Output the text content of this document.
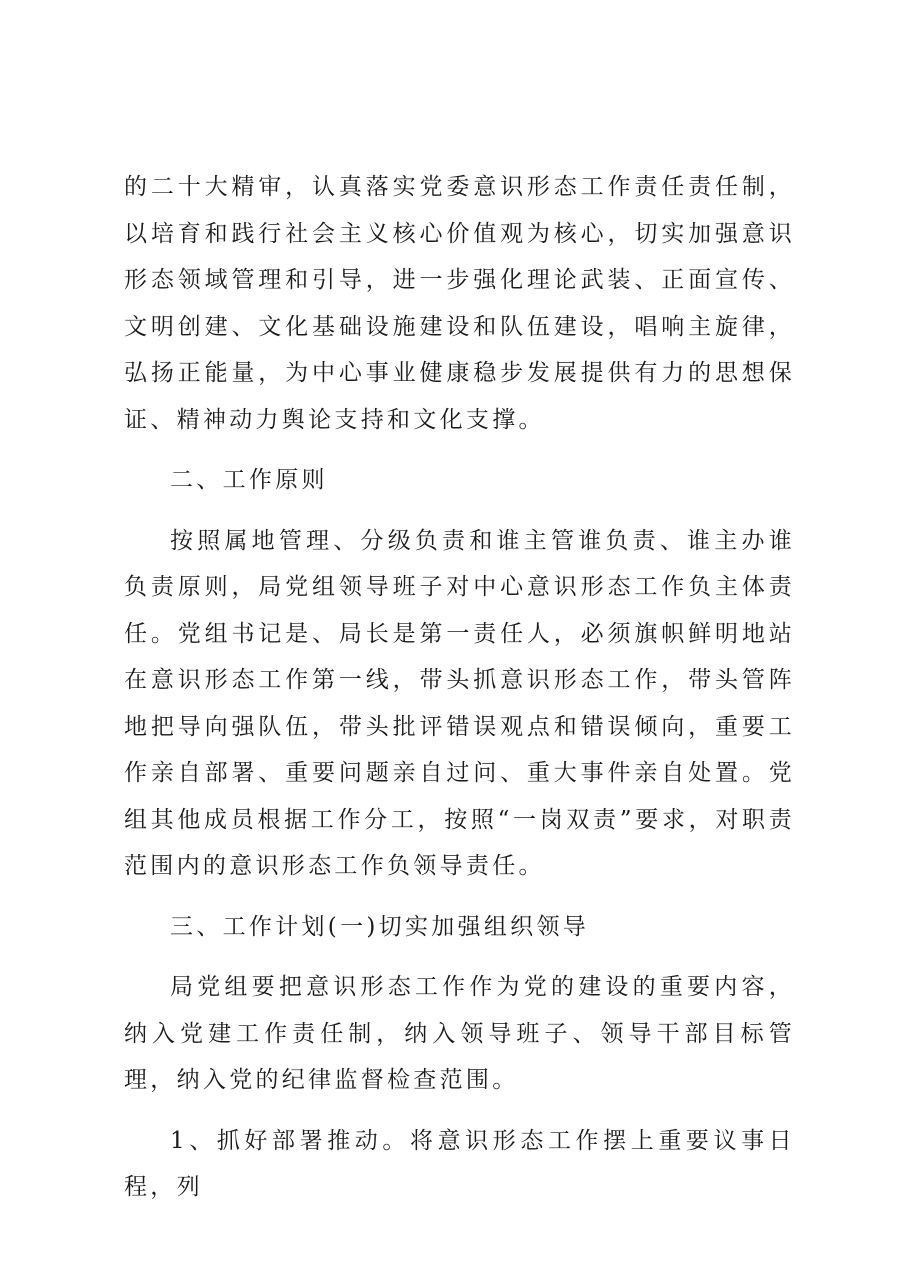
的二十大精审，认真落实党委意识形态工作责任责任制，以培育和践行社会主义核心价值观为核心，切实加强意识形态领域管理和引导，进一步强化理论武装、正面宣传、文明创建、文化基础设施建设和队伍建设，唱响主旋律，弘扬正能量，为中心事业健康稳步发展提供有力的思想保证、精神动力舆论支持和文化支撑。

二、工作原则

按照属地管理、分级负责和谁主管谁负责、谁主办谁负责原则，局党组领导班子对中心意识形态工作负主体责任。党组书记是、局长是第一责任人，必须旗帜鲜明地站在意识形态工作第一线，带头抓意识形态工作，带头管阵地把导向强队伍，带头批评错误观点和错误倾向，重要工作亲自部署、重要问题亲自过问、重大事件亲自处置。党组其他成员根据工作分工，按照“一岗双责”要求，对职责范围内的意识形态工作负领导责任。

三、工作计划(一)切实加强组织领导

局党组要把意识形态工作作为党的建设的重要内容，纳入党建工作责任制，纳入领导班子、领导干部目标管理，纳入党的纪律监督检查范围。

1、抓好部署推动。将意识形态工作摆上重要议事日程，列
